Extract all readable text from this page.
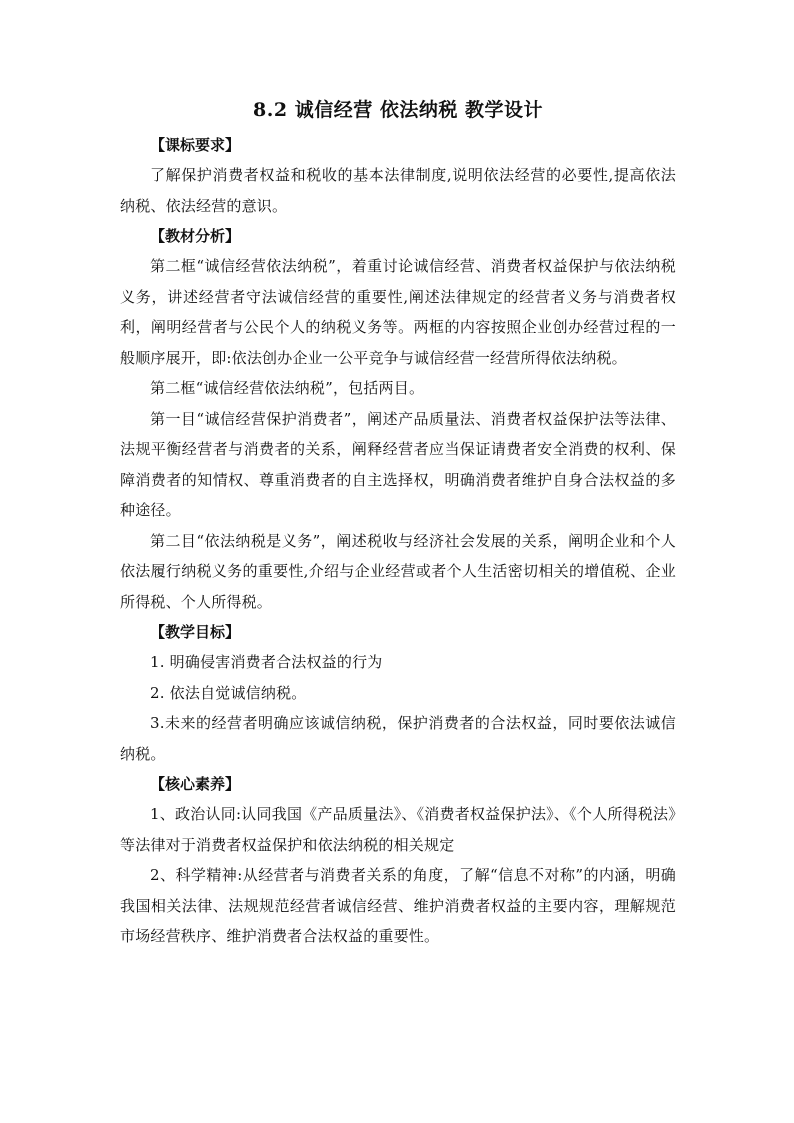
8.2 诚信经营 依法纳税 教学设计

【课标要求】

了解保护消费者权益和税收的基本法律制度,说明依法经营的必要性,提高依法纳税、依法经营的意识。

【教材分析】

第二框“诚信经营依法纳税”，着重讨论诚信经营、消费者权益保护与依法纳税义务，讲述经营者守法诚信经营的重要性,阐述法律规定的经营者义务与消费者权利，阐明经营者与公民个人的纳税义务等。两框的内容按照企业创办经营过程的一般顺序展开，即:依法创办企业一公平竞争与诚信经营一经营所得依法纳税。

第二框“诚信经营依法纳税”，包括两目。

第一目“诚信经营保护消费者”，阐述产品质量法、消费者权益保护法等法律、法规平衡经营者与消费者的关系，阐释经营者应当保证请费者安全消费的权利、保障消费者的知情权、尊重消费者的自主选择权，明确消费者维护自身合法权益的多种途径。

第二目“依法纳税是义务”，阐述税收与经济社会发展的关系，阐明企业和个人依法履行纳税义务的重要性,介绍与企业经营或者个人生活密切相关的增值税、企业所得税、个人所得税。

【教学目标】

1. 明确侵害消费者合法权益的行为

2. 依法自觉诚信纳税。

3.未来的经营者明确应该诚信纳税，保护消费者的合法权益，同时要依法诚信纳税。

【核心素养】

1、政治认同:认同我国《产品质量法》、《消费者权益保护法》、《个人所得税法》等法律对于消费者权益保护和依法纳税的相关规定

2、科学精神:从经营者与消费者关系的角度，了解“信息不对称”的内涵，明确我国相关法律、法规规范经营者诚信经营、维护消费者权益的主要内容，理解规范市场经营秩序、维护消费者合法权益的重要性。
